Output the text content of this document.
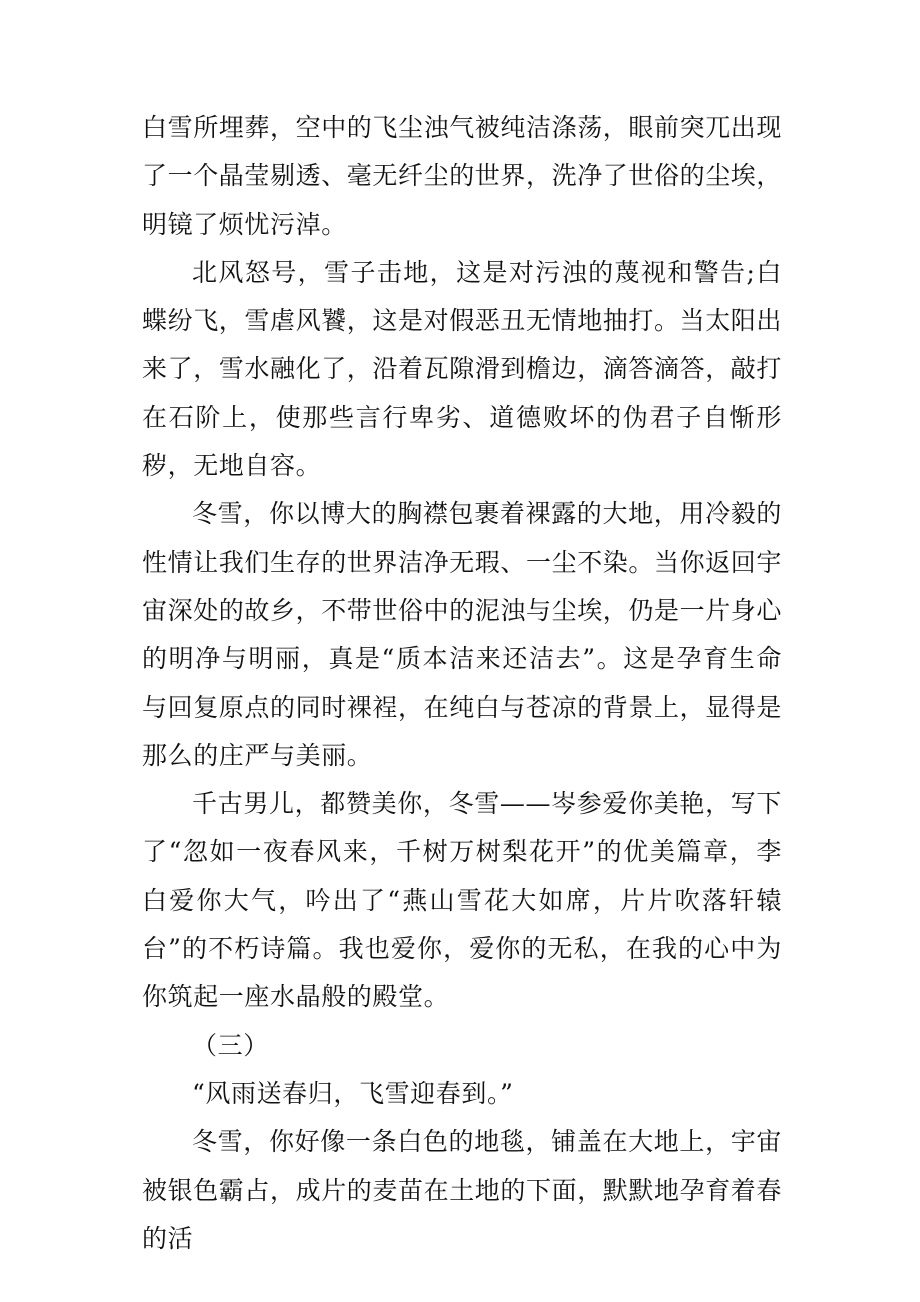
白雪所埋葬，空中的飞尘浊气被纯洁涤荡，眼前突兀出现了一个晶莹剔透、毫无纤尘的世界，洗净了世俗的尘埃，明镜了烦忧污淖。

北风怒号，雪子击地，这是对污浊的蔑视和警告;白蝶纷飞，雪虐风饕，这是对假恶丑无情地抽打。当太阳出来了，雪水融化了，沿着瓦隙滑到檐边，滴答滴答，敲打在石阶上，使那些言行卑劣、道德败坏的伪君子自惭形秽，无地自容。

冬雪，你以博大的胸襟包裹着裸露的大地，用冷毅的性情让我们生存的世界洁净无瑕、一尘不染。当你返回宇宙深处的故乡，不带世俗中的泥浊与尘埃，仍是一片身心的明净与明丽，真是“质本洁来还洁去”。这是孕育生命与回复原点的同时裸裎，在纯白与苍凉的背景上，显得是那么的庄严与美丽。

千古男儿，都赞美你，冬雪——岑参爱你美艳，写下了“忽如一夜春风来，千树万树梨花开”的优美篇章，李白爱你大气，吟出了“燕山雪花大如席，片片吹落轩辕台”的不朽诗篇。我也爱你，爱你的无私，在我的心中为你筑起一座水晶般的殿堂。

（三）

“风雨送春归，飞雪迎春到。”

冬雪，你好像一条白色的地毯，铺盖在大地上，宇宙被银色霸占，成片的麦苗在土地的下面，默默地孕育着春的活
